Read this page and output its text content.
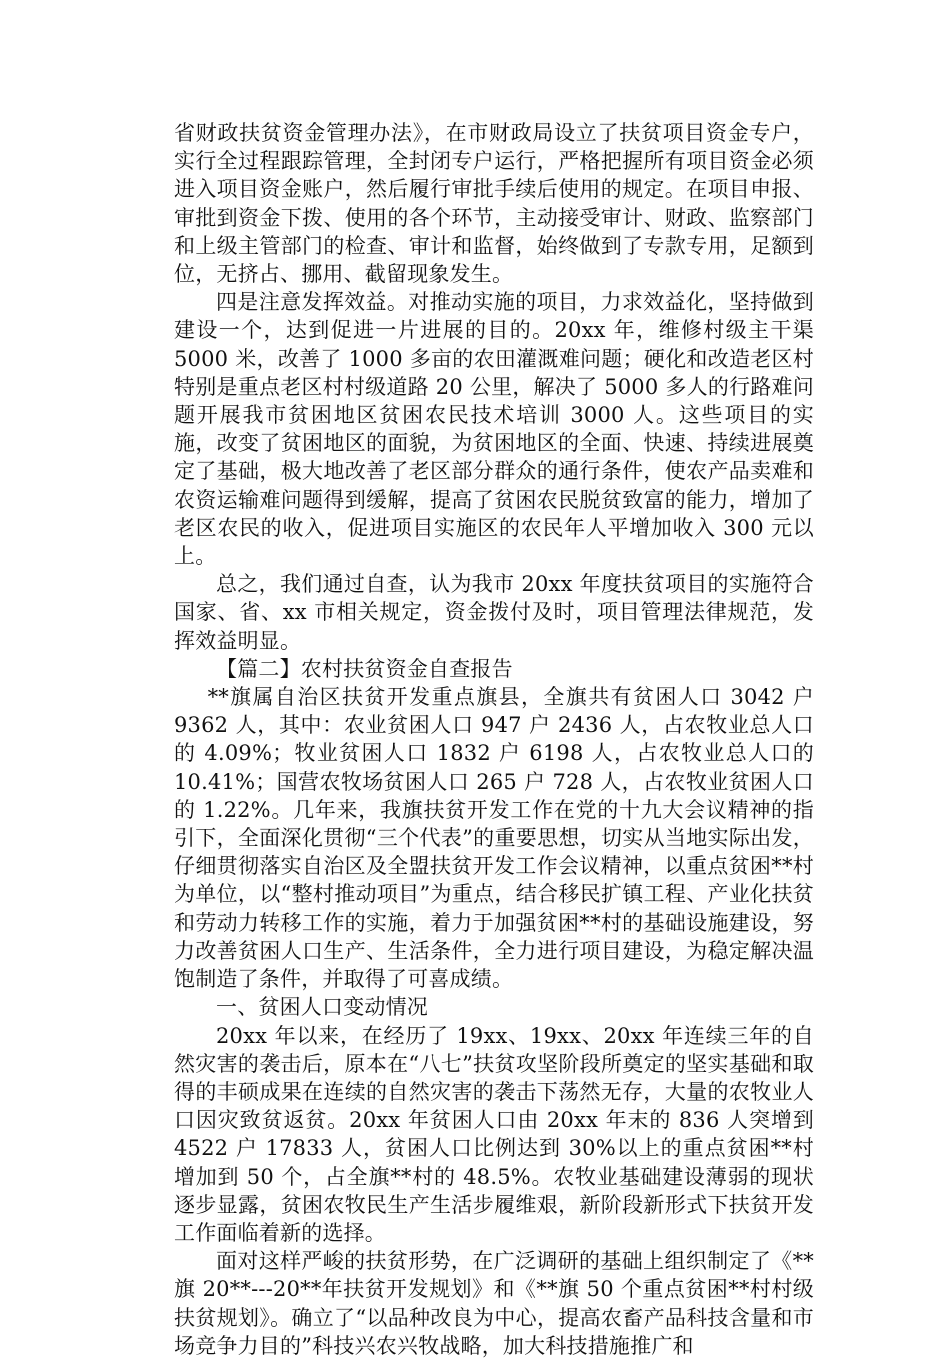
省财政扶贫资金管理办法》，在市财政局设立了扶贫项目资金专户，实行全过程跟踪管理，全封闭专户运行，严格把握所有项目资金必须进入项目资金账户，然后履行审批手续后使用的规定。在项目申报、审批到资金下拨、使用的各个环节，主动接受审计、财政、监察部门和上级主管部门的检查、审计和监督，始终做到了专款专用，足额到位，无挤占、挪用、截留现象发生。

四是注意发挥效益。对推动实施的项目，力求效益化，坚持做到建设一个，达到促进一片进展的目的。20xx 年，维修村级主干渠 5000 米，改善了 1000 多亩的农田灌溉难问题；硬化和改造老区村特别是重点老区村村级道路 20 公里，解决了 5000 多人的行路难问题开展我市贫困地区贫困农民技术培训 3000 人。这些项目的实施，改变了贫困地区的面貌，为贫困地区的全面、快速、持续进展奠定了基础，极大地改善了老区部分群众的通行条件，使农产品卖难和农资运输难问题得到缓解，提高了贫困农民脱贫致富的能力，增加了老区农民的收入，促进项目实施区的农民年人平增加收入 300 元以上。

总之，我们通过自查，认为我市 20xx 年度扶贫项目的实施符合国家、省、xx 市相关规定，资金拨付及时，项目管理法律规范，发挥效益明显。

【篇二】农村扶贫资金自查报告

**旗属自治区扶贫开发重点旗县，全旗共有贫困人口 3042 户 9362 人，其中：农业贫困人口 947 户 2436 人，占农牧业总人口的 4.09%；牧业贫困人口 1832 户 6198 人，占农牧业总人口的 10.41%；国营农牧场贫困人口 265 户 728 人，占农牧业贫困人口的 1.22%。几年来，我旗扶贫开发工作在党的十九大会议精神的指引下，全面深化贯彻“三个代表”的重要思想，切实从当地实际出发，仔细贯彻落实自治区及全盟扶贫开发工作会议精神，以重点贫困**村为单位，以“整村推动项目”为重点，结合移民扩镇工程、产业化扶贫和劳动力转移工作的实施，着力于加强贫困**村的基础设施建设，努力改善贫困人口生产、生活条件，全力进行项目建设，为稳定解决温饱制造了条件，并取得了可喜成绩。

一、贫困人口变动情况

20xx 年以来，在经历了 19xx、19xx、20xx 年连续三年的自然灾害的袭击后，原本在“八七”扶贫攻坚阶段所奠定的坚实基础和取得的丰硕成果在连续的自然灾害的袭击下荡然无存，大量的农牧业人口因灾致贫返贫。20xx 年贫困人口由 20xx 年末的 836 人突增到 4522 户 17833 人，贫困人口比例达到 30%以上的重点贫困**村增加到 50 个，占全旗**村的 48.5%。农牧业基础建设薄弱的现状逐步显露，贫困农牧民生产生活步履维艰，新阶段新形式下扶贫开发工作面临着新的选择。

面对这样严峻的扶贫形势，在广泛调研的基础上组织制定了《**旗 20**---20**年扶贫开发规划》和《**旗 50 个重点贫困**村村级扶贫规划》。确立了“以品种改良为中心，提高农畜产品科技含量和市场竞争力目的”科技兴农兴牧战略，加大科技措施推广和
